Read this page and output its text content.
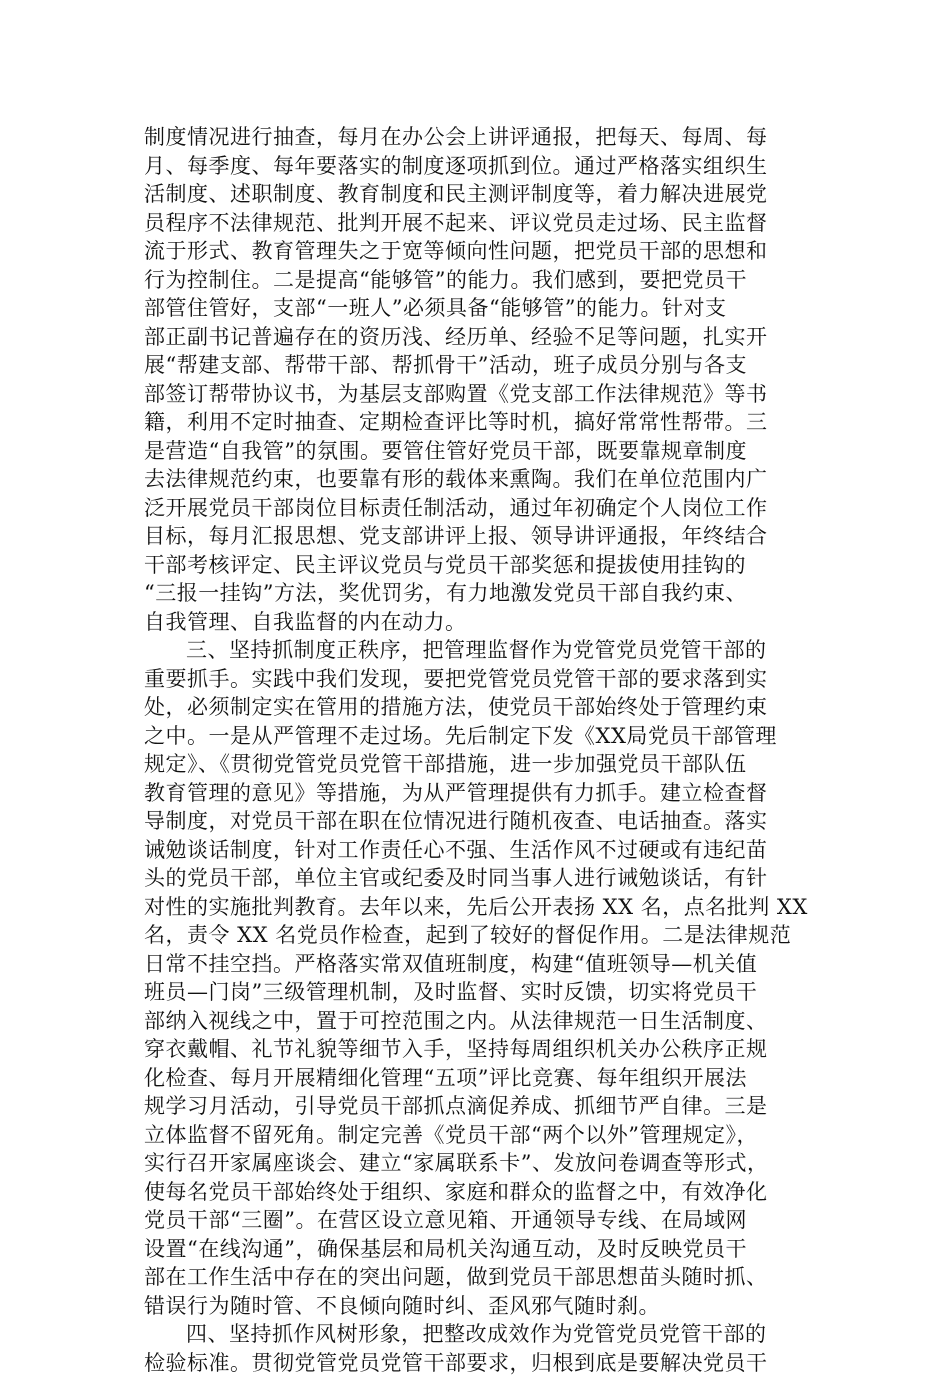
制度情况进行抽查，每月在办公会上讲评通报，把每天、每周、每
月、每季度、每年要落实的制度逐项抓到位。通过严格落实组织生
活制度、述职制度、教育制度和民主测评制度等，着力解决进展党
员程序不法律规范、批判开展不起来、评议党员走过场、民主监督
流于形式、教育管理失之于宽等倾向性问题，把党员干部的思想和
行为控制住。二是提高“能够管”的能力。我们感到，要把党员干
部管住管好，支部“一班人”必须具备“能够管”的能力。针对支
部正副书记普遍存在的资历浅、经历单、经验不足等问题，扎实开
展“帮建支部、帮带干部、帮抓骨干”活动，班子成员分别与各支
部签订帮带协议书，为基层支部购置《党支部工作法律规范》等书
籍，利用不定时抽查、定期检查评比等时机，搞好常常性帮带。三
是营造“自我管”的氛围。要管住管好党员干部，既要靠规章制度
去法律规范约束，也要靠有形的载体来熏陶。我们在单位范围内广
泛开展党员干部岗位目标责任制活动，通过年初确定个人岗位工作
目标，每月汇报思想、党支部讲评上报、领导讲评通报，年终结合
干部考核评定、民主评议党员与党员干部奖惩和提拔使用挂钩的
“三报一挂钩”方法，奖优罚劣，有力地激发党员干部自我约束、
自我管理、自我监督的内在动力。
三、坚持抓制度正秩序，把管理监督作为党管党员党管干部的
重要抓手。实践中我们发现，要把党管党员党管干部的要求落到实
处，必须制定实在管用的措施方法，使党员干部始终处于管理约束
之中。一是从严管理不走过场。先后制定下发《XX局党员干部管理
规定》、《贯彻党管党员党管干部措施，进一步加强党员干部队伍
教育管理的意见》等措施，为从严管理提供有力抓手。建立检查督
导制度，对党员干部在职在位情况进行随机夜查、电话抽查。落实
诫勉谈话制度，针对工作责任心不强、生活作风不过硬或有违纪苗
头的党员干部，单位主官或纪委及时同当事人进行诫勉谈话，有针
对性的实施批判教育。去年以来，先后公开表扬 XX 名，点名批判 XX
名，责令 XX 名党员作检查，起到了较好的督促作用。二是法律规范
日常不挂空挡。严格落实常双值班制度，构建“值班领导—机关值
班员—门岗”三级管理机制，及时监督、实时反馈，切实将党员干
部纳入视线之中，置于可控范围之内。从法律规范一日生活制度、
穿衣戴帽、礼节礼貌等细节入手，坚持每周组织机关办公秩序正规
化检查、每月开展精细化管理“五项”评比竞赛、每年组织开展法
规学习月活动，引导党员干部抓点滴促养成、抓细节严自律。三是
立体监督不留死角。制定完善《党员干部“两个以外”管理规定》，
实行召开家属座谈会、建立“家属联系卡”、发放问卷调查等形式，
使每名党员干部始终处于组织、家庭和群众的监督之中，有效净化
党员干部“三圈”。在营区设立意见箱、开通领导专线、在局域网
设置“在线沟通”，确保基层和局机关沟通互动，及时反映党员干
部在工作生活中存在的突出问题，做到党员干部思想苗头随时抓、
错误行为随时管、不良倾向随时纠、歪风邪气随时刹。
四、坚持抓作风树形象，把整改成效作为党管党员党管干部的
检验标准。贯彻党管党员党管干部要求，归根到底是要解决党员干
